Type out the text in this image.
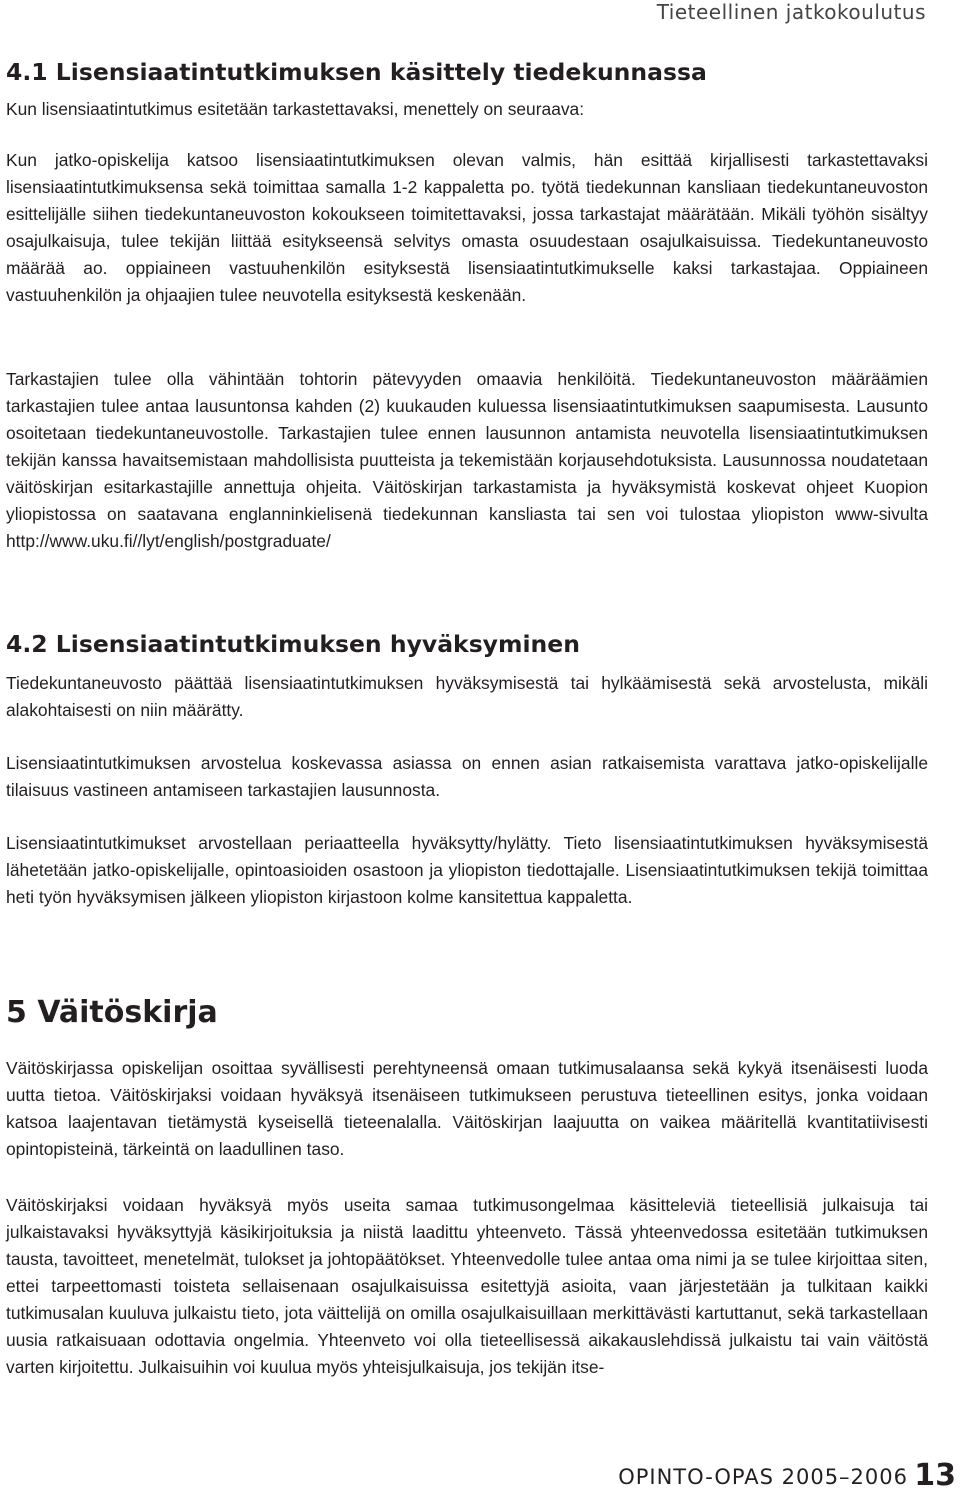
Tieteellinen jatkokoulutus
4.1 Lisensiaatintutkimuksen käsittely tiedekunnassa

Kun lisensiaatintutkimus esitetään tarkastettavaksi, menettely on seuraava:

Kun jatko-opiskelija katsoo lisensiaatintutkimuksen olevan valmis, hän esittää kirjallisesti tarkastettavaksi lisensiaatintutkimuksensa sekä toimittaa samalla 1-2 kappaletta po. työtä tiedekunnan kansliaan tiedekuntaneuvoston esittelijälle siihen tiedekuntaneuvoston kokoukseen toimitettavaksi, jossa tarkastajat määrätään. Mikäli työhön sisältyy osajulkaisuja, tulee tekijän liittää esitykseensä selvitys omasta osuudestaan osajulkaisuissa. Tiedekuntaneuvosto määrää ao. oppiaineen vastuuhenkilön esityksestä lisensiaatintutkimukselle kaksi tarkastajaa. Oppiaineen vastuuhenkilön ja ohjaajien tulee neuvotella esityksestä keskenään.

Tarkastajien tulee olla vähintään tohtorin pätevyyden omaavia henkilöitä. Tiedekuntaneuvoston määräämien tarkastajien tulee antaa lausuntonsa kahden (2) kuukauden kuluessa lisensiaatintutkimuksen saapumisesta. Lausunto osoitetaan tiedekuntaneuvostolle. Tarkastajien tulee ennen lausunnon antamista neuvotella lisensiaatintutkimuksen tekijän kanssa havaitsemistaan mahdollisista puutteista ja tekemistään korjausehdotuksista. Lausunnossa noudatetaan väitöskirjan esitarkastajille annettuja ohjeita. Väitöskirjan tarkastamista ja hyväksymistä koskevat ohjeet Kuopion yliopistossa on saatavana englanninkielisenä tiedekunnan kansliasta tai sen voi tulostaa yliopiston www-sivulta http://www.uku.fi//lyt/english/postgraduate/

4.2 Lisensiaatintutkimuksen hyväksyminen

Tiedekuntaneuvosto päättää lisensiaatintutkimuksen hyväksymisestä tai hylkäämisestä sekä arvostelusta, mikäli alakohtaisesti on niin määrätty.

Lisensiaatintutkimuksen arvostelua koskevassa asiassa on ennen asian ratkaisemista varattava jatko-opiskelijalle tilaisuus vastineen antamiseen tarkastajien lausunnosta.

Lisensiaatintutkimukset arvostellaan periaatteella hyväksytty/hylätty. Tieto lisensiaatintutkimuksen hyväksymisestä lähetetään jatko-opiskelijalle, opintoasioiden osastoon ja yliopiston tiedottajalle. Lisensiaatintutkimuksen tekijä toimittaa heti työn hyväksymisen jälkeen yliopiston kirjastoon kolme kansitettua kappaletta.

5 Väitöskirja

Väitöskirjassa opiskelijan osoittaa syvällisesti perehtyneensä omaan tutkimusalaansa sekä kykyä itsenäisesti luoda uutta tietoa. Väitöskirjaksi voidaan hyväksyä itsenäiseen tutkimukseen perustuva tieteellinen esitys, jonka voidaan katsoa laajentavan tietämystä kyseisellä tieteenalalla. Väitöskirjan laajuutta on vaikea määritellä kvantitatiivisesti opintopisteinä, tärkeintä on laadullinen taso.

Väitöskirjaksi voidaan hyväksyä myös useita samaa tutkimusongelmaa käsitteleviä tieteellisiä julkaisuja tai julkaistavaksi hyväksyttyjä käsikirjoituksia ja niistä laadittu yhteenveto. Tässä yhteenvedossa esitetään tutkimuksen tausta, tavoitteet, menetelmät, tulokset ja johtopäätökset. Yhteenvedolle tulee antaa oma nimi ja se tulee kirjoittaa siten, ettei tarpeettomasti toisteta sellaisenaan osajulkaisuissa esitettyjä asioita, vaan järjestetään ja tulkitaan kaikki tutkimusalan kuuluva julkaistu tieto, jota väittelijä on omilla osajulkaisuillaan merkittävästi kartuttanut, sekä tarkastellaan uusia ratkaisuaan odottavia ongelmia. Yhteenveto voi olla tieteellisessä aikakauslehdissä julkaistu tai vain väitöstä varten kirjoitettu. Julkaisuihin voi kuulua myös yhteisjulkaisuja, jos tekijän itse-

OPINTO-OPAS 2005–2006 13
